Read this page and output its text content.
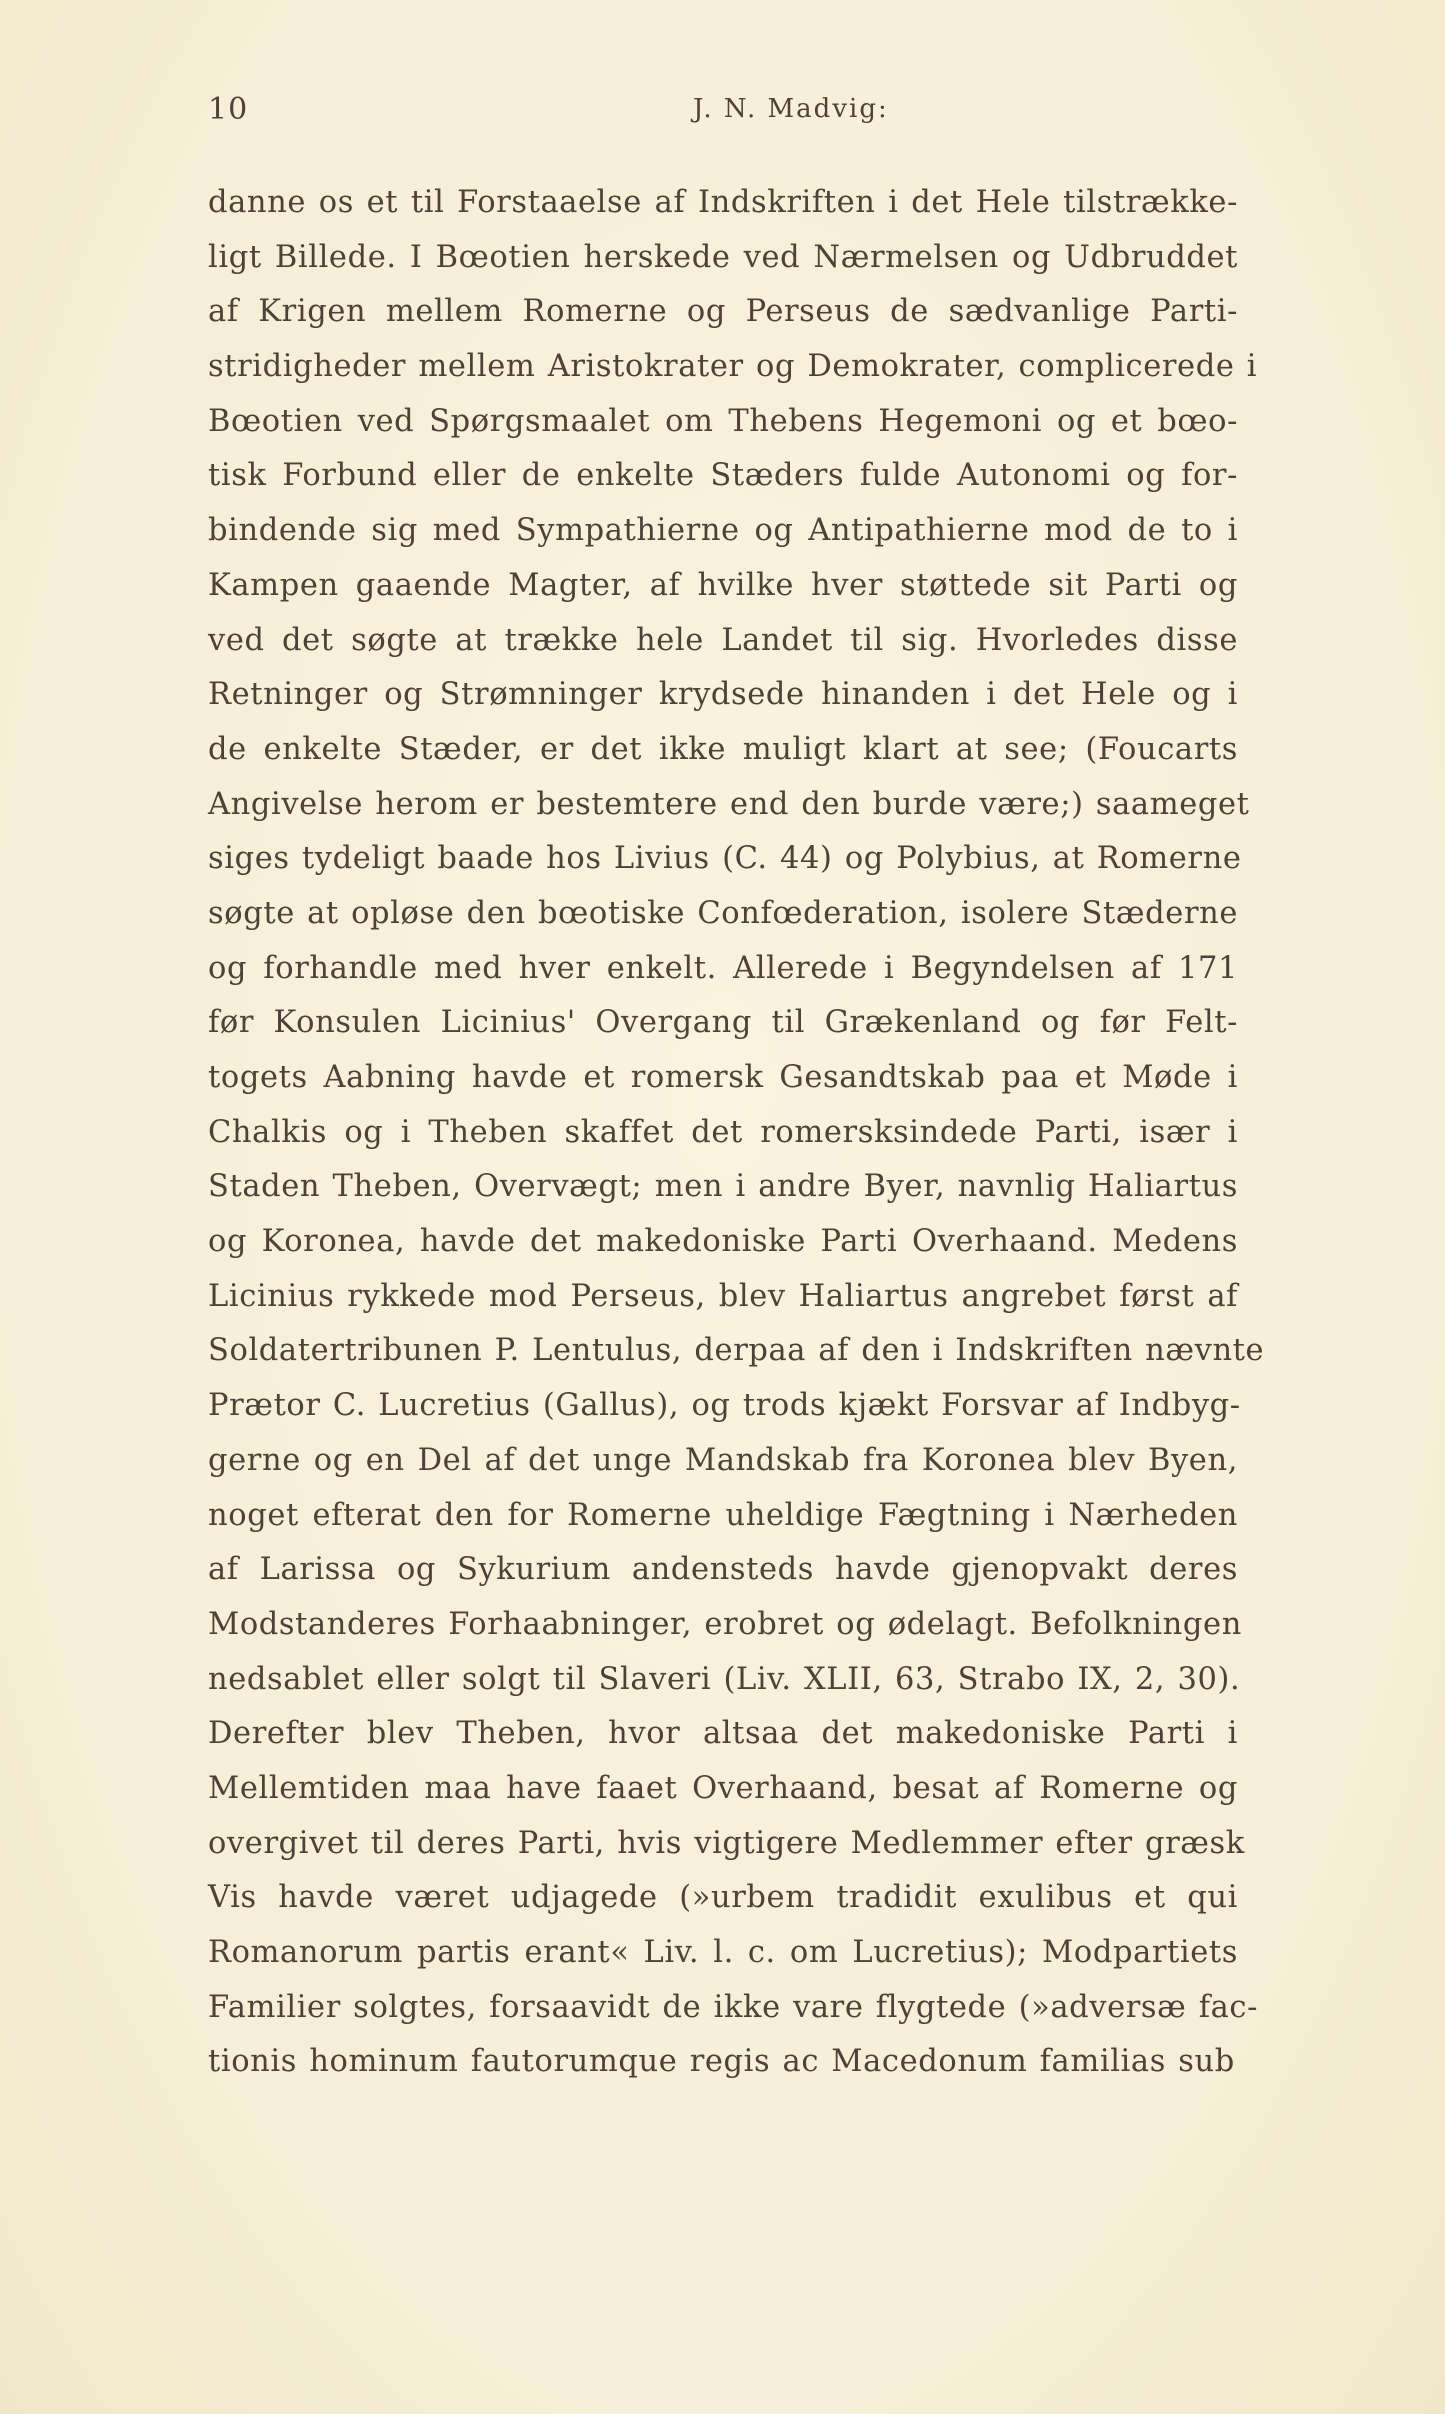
10	J. N. Madvig:
danne os et til Forstaaelse af Indskriften i det Hele tilstrække-
ligt Billede. I Bœotien herskede ved Nærmelsen og Udbruddet
af Krigen mellem Romerne og Perseus de sædvanlige Parti-
stridigheder mellem Aristokrater og Demokrater, complicerede i
Bœotien ved Spørgsmaalet om Thebens Hegemoni og et bœo-
tisk Forbund eller de enkelte Stæders fulde Autonomi og for-
bindende sig med Sympathierne og Antipathierne mod de to i
Kampen gaaende Magter, af hvilke hver støttede sit Parti og
ved det søgte at trække hele Landet til sig. Hvorledes disse
Retninger og Strømninger krydsede hinanden i det Hele og i
de enkelte Stæder, er det ikke muligt klart at see; (Foucarts
Angivelse herom er bestemtere end den burde være;) saameget
siges tydeligt baade hos Livius (C. 44) og Polybius, at Romerne
søgte at opløse den bœotiske Confœderation, isolere Stæderne
og forhandle med hver enkelt. Allerede i Begyndelsen af 171
før Konsulen Licinius' Overgang til Grækenland og før Felt-
togets Aabning havde et romersk Gesandtskab paa et Møde i
Chalkis og i Theben skaffet det romersksindede Parti, især i
Staden Theben, Overvægt; men i andre Byer, navnlig Haliartus
og Koronea, havde det makedoniske Parti Overhaand. Medens
Licinius rykkede mod Perseus, blev Haliartus angrebet først af
Soldatertribunen P. Lentulus, derpaa af den i Indskriften nævnte
Prætor C. Lucretius (Gallus), og trods kjækt Forsvar af Indbyg-
gerne og en Del af det unge Mandskab fra Koronea blev Byen,
noget efterat den for Romerne uheldige Fægtning i Nærheden
af Larissa og Sykurium andensteds havde gjenopvakt deres
Modstanderes Forhaabninger, erobret og ødelagt. Befolkningen
nedsablet eller solgt til Slaveri (Liv. XLII, 63, Strabo IX, 2, 30).
Derefter blev Theben, hvor altsaa det makedoniske Parti i
Mellemtiden maa have faaet Overhaand, besat af Romerne og
overgivet til deres Parti, hvis vigtigere Medlemmer efter græsk
Vis havde været udjagede (»urbem tradidit exulibus et qui
Romanorum partis erant« Liv. l. c. om Lucretius); Modpartiets
Familier solgtes, forsaavidt de ikke vare flygtede (»adversæ fac-
tionis hominum fautorumque regis ac Macedonum familias sub
